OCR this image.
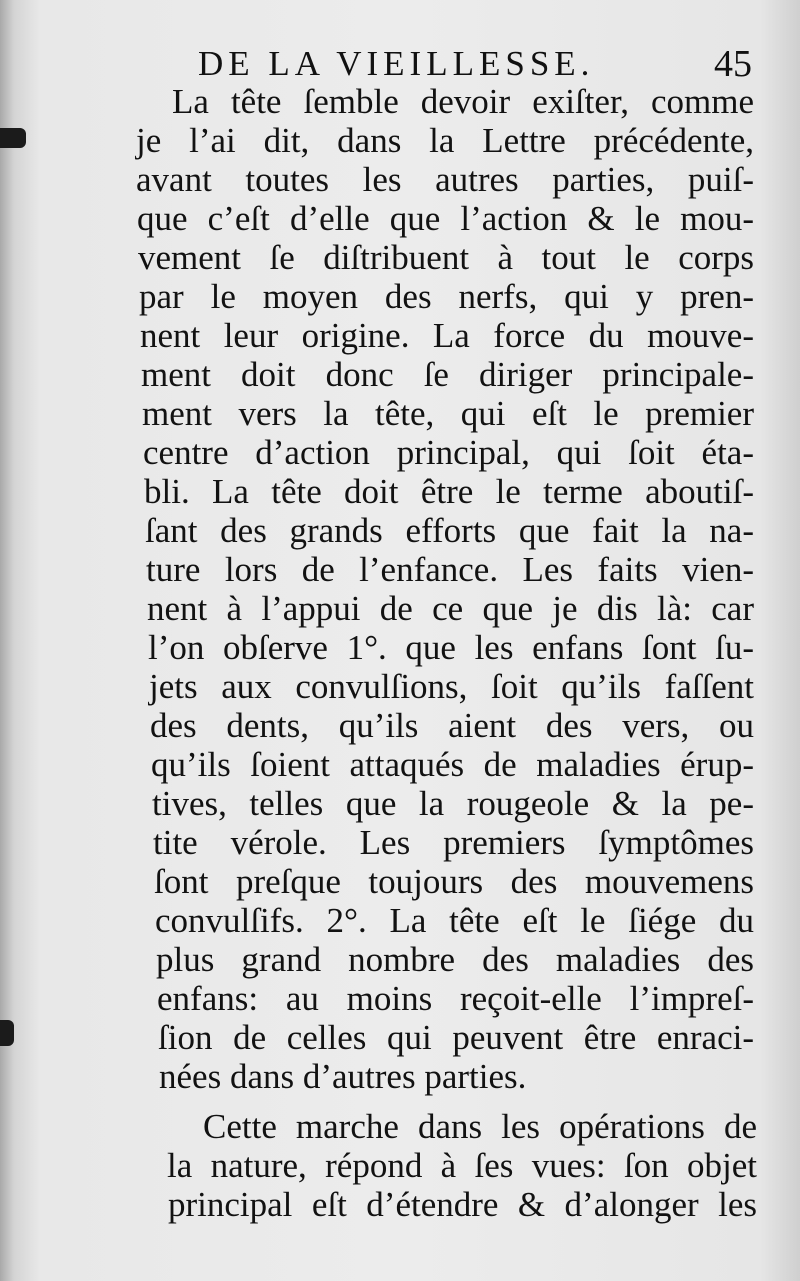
DE LA VIEILLESSE.	45
La tête ſemble devoir exiſter, comme
je l’ai dit, dans la Lettre précédente,
avant toutes les autres parties, puiſ-
que c’eſt d’elle que l’action & le mou-
vement ſe diſtribuent à tout le corps
par le moyen des nerfs, qui y pren-
nent leur origine. La force du mouve-
ment doit donc ſe diriger principale-
ment vers la tête, qui eſt le premier
centre d’action principal, qui ſoit éta-
bli. La tête doit être le terme aboutiſ-
ſant des grands efforts que fait la na-
ture lors de l’enfance. Les faits vien-
nent à l’appui de ce que je dis là: car
l’on obſerve 1°. que les enfans ſont ſu-
jets aux convulſions, ſoit qu’ils faſſent
des dents, qu’ils aient des vers, ou
qu’ils ſoient attaqués de maladies érup-
tives, telles que la rougeole & la pe-
tite vérole. Les premiers ſymptômes
ſont preſque toujours des mouvemens
convulſifs. 2°. La tête eſt le ſiége du
plus grand nombre des maladies des
enfans: au moins reçoit-elle l’impreſ-
ſion de celles qui peuvent être enraci-
nées dans d’autres parties.
Cette marche dans les opérations de
la nature, répond à ſes vues: ſon objet
principal eſt d’étendre & d’alonger les
